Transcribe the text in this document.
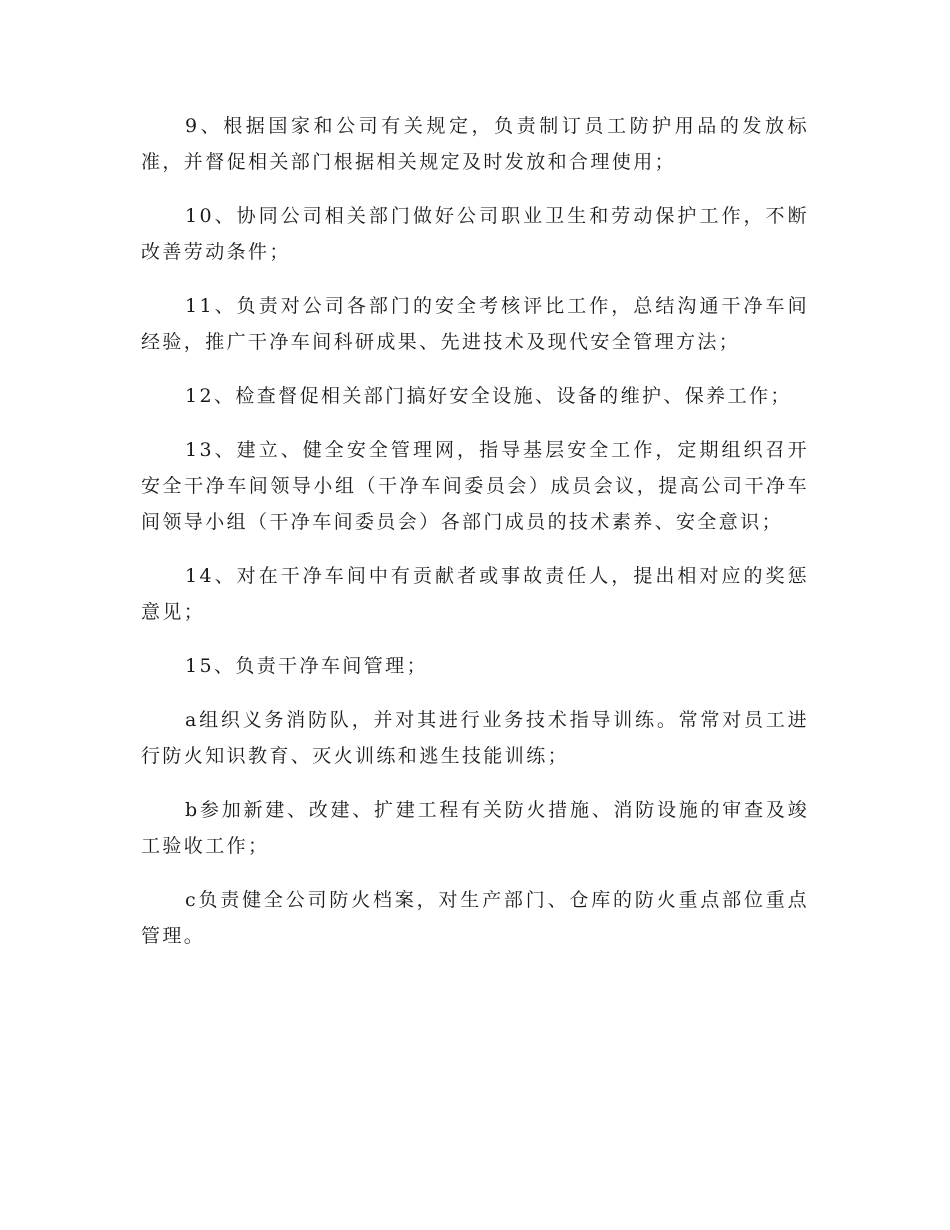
9、根据国家和公司有关规定，负责制订员工防护用品的发放标准，并督促相关部门根据相关规定及时发放和合理使用；

10、协同公司相关部门做好公司职业卫生和劳动保护工作，不断改善劳动条件；

11、负责对公司各部门的安全考核评比工作，总结沟通干净车间经验，推广干净车间科研成果、先进技术及现代安全管理方法；

12、检查督促相关部门搞好安全设施、设备的维护、保养工作；

13、建立、健全安全管理网，指导基层安全工作，定期组织召开安全干净车间领导小组（干净车间委员会）成员会议，提高公司干净车间领导小组（干净车间委员会）各部门成员的技术素养、安全意识；

14、对在干净车间中有贡献者或事故责任人，提出相对应的奖惩意见；

15、负责干净车间管理；

a组织义务消防队，并对其进行业务技术指导训练。常常对员工进行防火知识教育、灭火训练和逃生技能训练；

b参加新建、改建、扩建工程有关防火措施、消防设施的审查及竣工验收工作；

c负责健全公司防火档案，对生产部门、仓库的防火重点部位重点管理。
